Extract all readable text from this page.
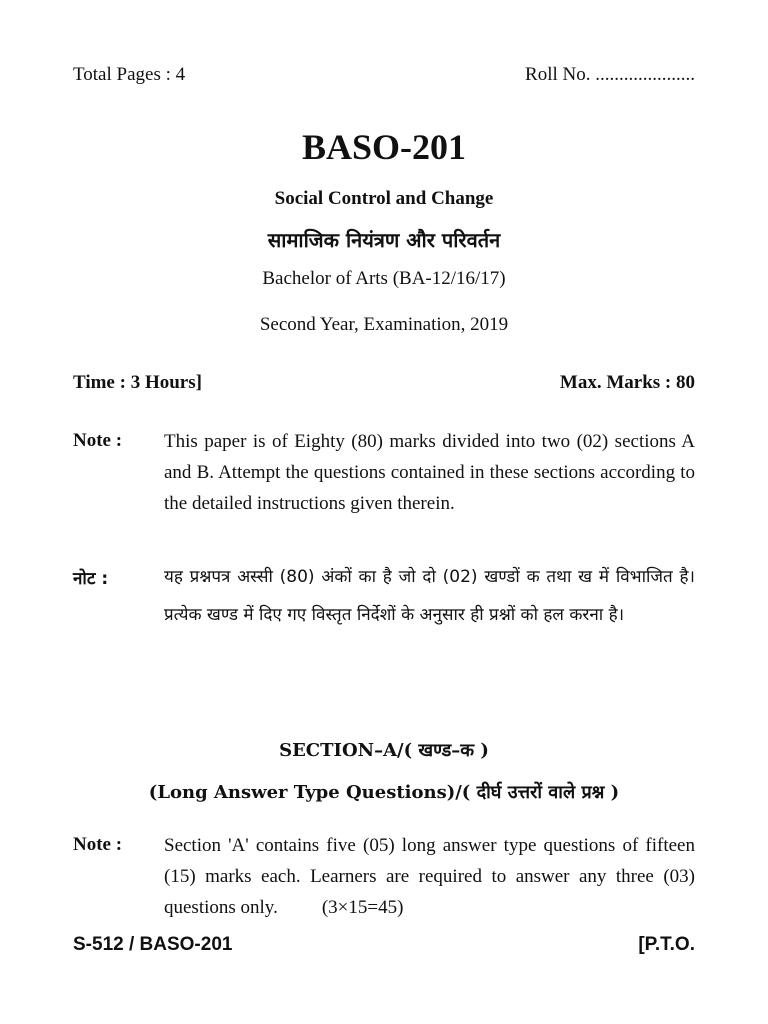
Total Pages : 4	Roll No. .....................
BASO-201
Social Control and Change
सामाजिक नियंत्रण और परिवर्तन
Bachelor of Arts (BA-12/16/17)
Second Year, Examination, 2019
Time : 3 Hours]	Max. Marks : 80
Note : This paper is of Eighty (80) marks divided into two (02) sections A and B. Attempt the questions contained in these sections according to the detailed instructions given therein.

नोट :	यह प्रश्नपत्र अस्सी (80) अंकों का है जो दो (02) खण्डों क तथा ख में विभाजित है। प्रत्येक खण्ड में दिए गए विस्तृत निर्देशों के अनुसार ही प्रश्नों को हल करना है।

SECTION–A/( खण्ड–क )
(Long Answer Type Questions)/( दीर्घ उत्तरों वाले प्रश्न )
Note : Section 'A' contains five (05) long answer type questions of fifteen (15) marks each. Learners are required to answer any three (03) questions only. (3×15=45)

S-512 / BASO-201	[P.T.O.
